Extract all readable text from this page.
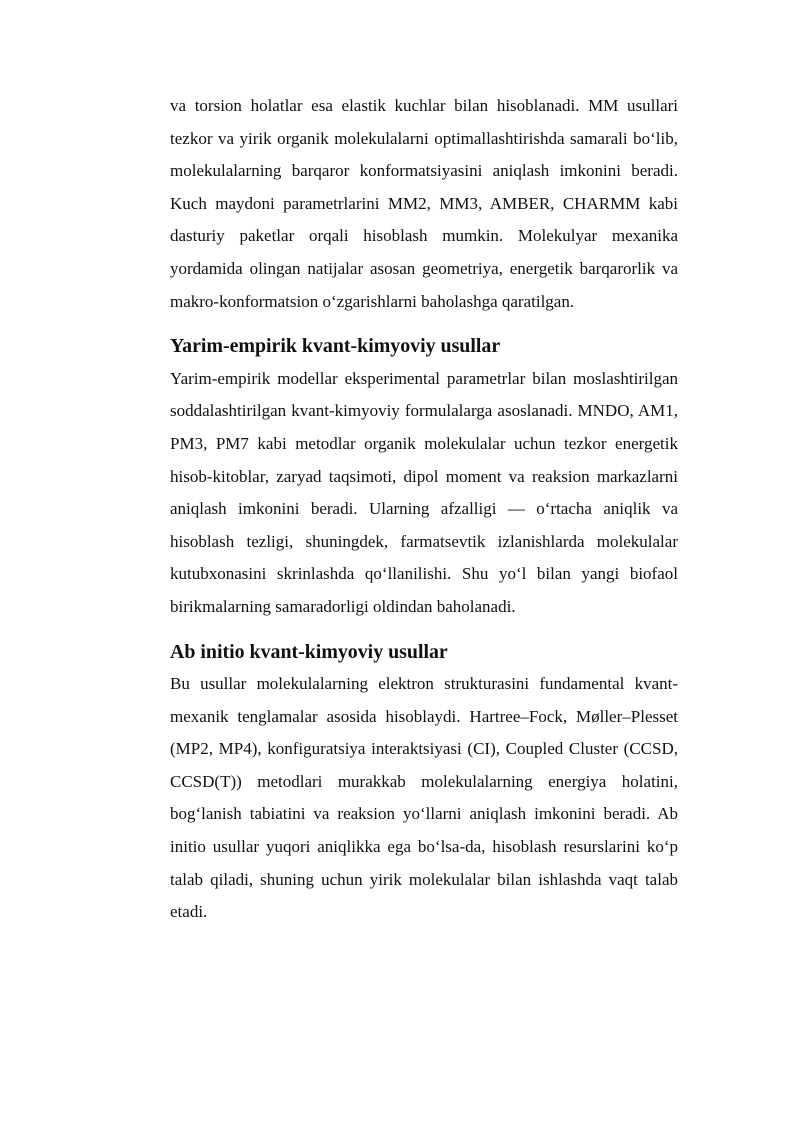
va torsion holatlar esa elastik kuchlar bilan hisoblanadi. MM usullari tezkor va yirik organik molekulalarni optimallashtirishda samarali bo‘lib, molekulalarning barqaror konformatsiyasini aniqlash imkonini beradi. Kuch maydoni parametrlarini MM2, MM3, AMBER, CHARMM kabi dasturiy paketlar orqali hisoblash mumkin. Molekulyar mexanika yordamida olingan natijalar asosan geometriya, energetik barqarorlik va makro-konformatsion o‘zgarishlarni baholashga qaratilgan.

Yarim-empirik kvant-kimyoviy usullar

Yarim-empirik modellar eksperimental parametrlar bilan moslashtirilgan soddalashtirilgan kvant-kimyoviy formulalarga asoslanadi. MNDO, AM1, PM3, PM7 kabi metodlar organik molekulalar uchun tezkor energetik hisob-kitoblar, zaryad taqsimoti, dipol moment va reaksion markazlarni aniqlash imkonini beradi. Ularning afzalligi — o‘rtacha aniqlik va hisoblash tezligi, shuningdek, farmatsevtik izlanishlarda molekulalar kutubxonasini skrinlashda qo‘llanilishi. Shu yo‘l bilan yangi biofaol birikmalarning samaradorligi oldindan baholanadi.

Ab initio kvant-kimyoviy usullar

Bu usullar molekulalarning elektron strukturasini fundamental kvant-mexanik tenglamalar asosida hisoblaydi. Hartree–Fock, Møller–Plesset (MP2, MP4), konfiguratsiya interaktsiyasi (CI), Coupled Cluster (CCSD, CCSD(T)) metodlari murakkab molekulalarning energiya holatini, bog‘lanish tabiatini va reaksion yo‘llarni aniqlash imkonini beradi. Ab initio usullar yuqori aniqlikka ega bo‘lsa-da, hisoblash resurslarini ko‘p talab qiladi, shuning uchun yirik molekulalar bilan ishlashda vaqt talab etadi.
